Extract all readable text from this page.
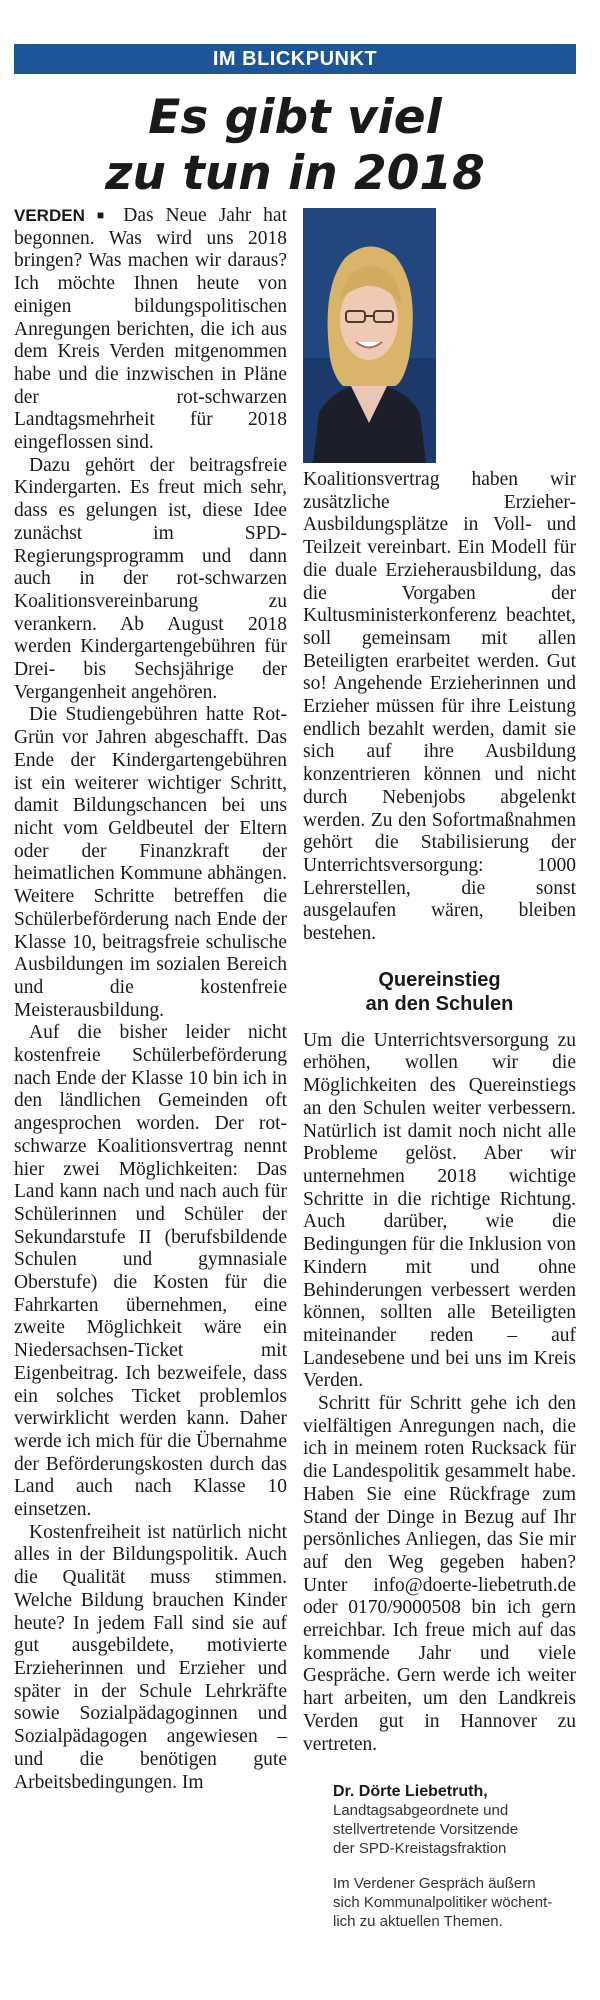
IM BLICKPUNKT
Es gibt viel
zu tun in 2018

VERDEN ■ Das Neue Jahr hat begonnen. Was wird uns 2018 bringen? Was machen wir daraus? Ich möchte Ihnen heute von einigen bildungspolitischen Anregungen berichten, die ich aus dem Kreis Verden mitgenommen habe und die inzwischen in Pläne der rot-schwarzen Landtagsmehrheit für 2018 eingeflossen sind.

Dazu gehört der beitragsfreie Kindergarten. Es freut mich sehr, dass es gelungen ist, diese Idee zunächst im SPD-Regierungsprogramm und dann auch in der rot-schwarzen Koalitionsvereinbarung zu verankern. Ab August 2018 werden Kindergartengebühren für Drei- bis Sechsjährige der Vergangenheit angehören.

Die Studiengebühren hatte Rot-Grün vor Jahren abgeschafft. Das Ende der Kindergartengebühren ist ein weiterer wichtiger Schritt, damit Bildungschancen bei uns nicht vom Geldbeutel der Eltern oder der Finanzkraft der heimatlichen Kommune abhängen. Weitere Schritte betreffen die Schülerbeförderung nach Ende der Klasse 10, beitragsfreie schulische Ausbildungen im sozialen Bereich und die kostenfreie Meisterausbildung.

Auf die bisher leider nicht kostenfreie Schülerbeförderung nach Ende der Klasse 10 bin ich in den ländlichen Gemeinden oft angesprochen worden. Der rot-schwarze Koalitionsvertrag nennt hier zwei Möglichkeiten: Das Land kann nach und nach auch für Schülerinnen und Schüler der Sekundarstufe II (berufsbildende Schulen und gymnasiale Oberstufe) die Kosten für die Fahrkarten übernehmen, eine zweite Möglichkeit wäre ein Niedersachsen-Ticket mit Eigenbeitrag. Ich bezweifele, dass ein solches Ticket problemlos verwirklicht werden kann. Daher werde ich mich für die Übernahme der Beförderungskosten durch das Land auch nach Klasse 10 einsetzen.

Kostenfreiheit ist natürlich nicht alles in der Bildungspolitik. Auch die Qualität muss stimmen. Welche Bildung brauchen Kinder heute? In jedem Fall sind sie auf gut ausgebildete, motivierte Erzieherinnen und Erzieher und später in der Schule Lehrkräfte sowie Sozialpädagoginnen und Sozialpädagogen angewiesen – und die benötigen gute Arbeitsbedingungen. Im

Koalitionsvertrag haben wir zusätzliche Erzieher-Ausbildungsplätze in Voll- und Teilzeit vereinbart. Ein Modell für die duale Erzieherausbildung, das die Vorgaben der Kultusministerkonferenz beachtet, soll gemeinsam mit allen Beteiligten erarbeitet werden. Gut so! Angehende Erzieherinnen und Erzieher müssen für ihre Leistung endlich bezahlt werden, damit sie sich auf ihre Ausbildung konzentrieren können und nicht durch Nebenjobs abgelenkt werden. Zu den Sofortmaßnahmen gehört die Stabilisierung der Unterrichtsversorgung: 1000 Lehrerstellen, die sonst ausgelaufen wären, bleiben bestehen.

Quereinstieg
an den Schulen

Um die Unterrichtsversorgung zu erhöhen, wollen wir die Möglichkeiten des Quereinstiegs an den Schulen weiter verbessern. Natürlich ist damit noch nicht alle Probleme gelöst. Aber wir unternehmen 2018 wichtige Schritte in die richtige Richtung. Auch darüber, wie die Bedingungen für die Inklusion von Kindern mit und ohne Behinderungen verbessert werden können, sollten alle Beteiligten miteinander reden – auf Landesebene und bei uns im Kreis Verden.

Schritt für Schritt gehe ich den vielfältigen Anregungen nach, die ich in meinem roten Rucksack für die Landespolitik gesammelt habe. Haben Sie eine Rückfrage zum Stand der Dinge in Bezug auf Ihr persönliches Anliegen, das Sie mir auf den Weg gegeben haben? Unter info@doerte-liebetruth.de oder 0170/9000508 bin ich gern erreichbar. Ich freue mich auf das kommende Jahr und viele Gespräche. Gern werde ich weiter hart arbeiten, um den Landkreis Verden gut in Hannover zu vertreten.

Dr. Dörte Liebetruth,
Landtagsabgeordnete und
stellvertretende Vorsitzende
der SPD-Kreistagsfraktion
Im Verdener Gespräch äußern
sich Kommunalpolitiker wöchent-
lich zu aktuellen Themen.
